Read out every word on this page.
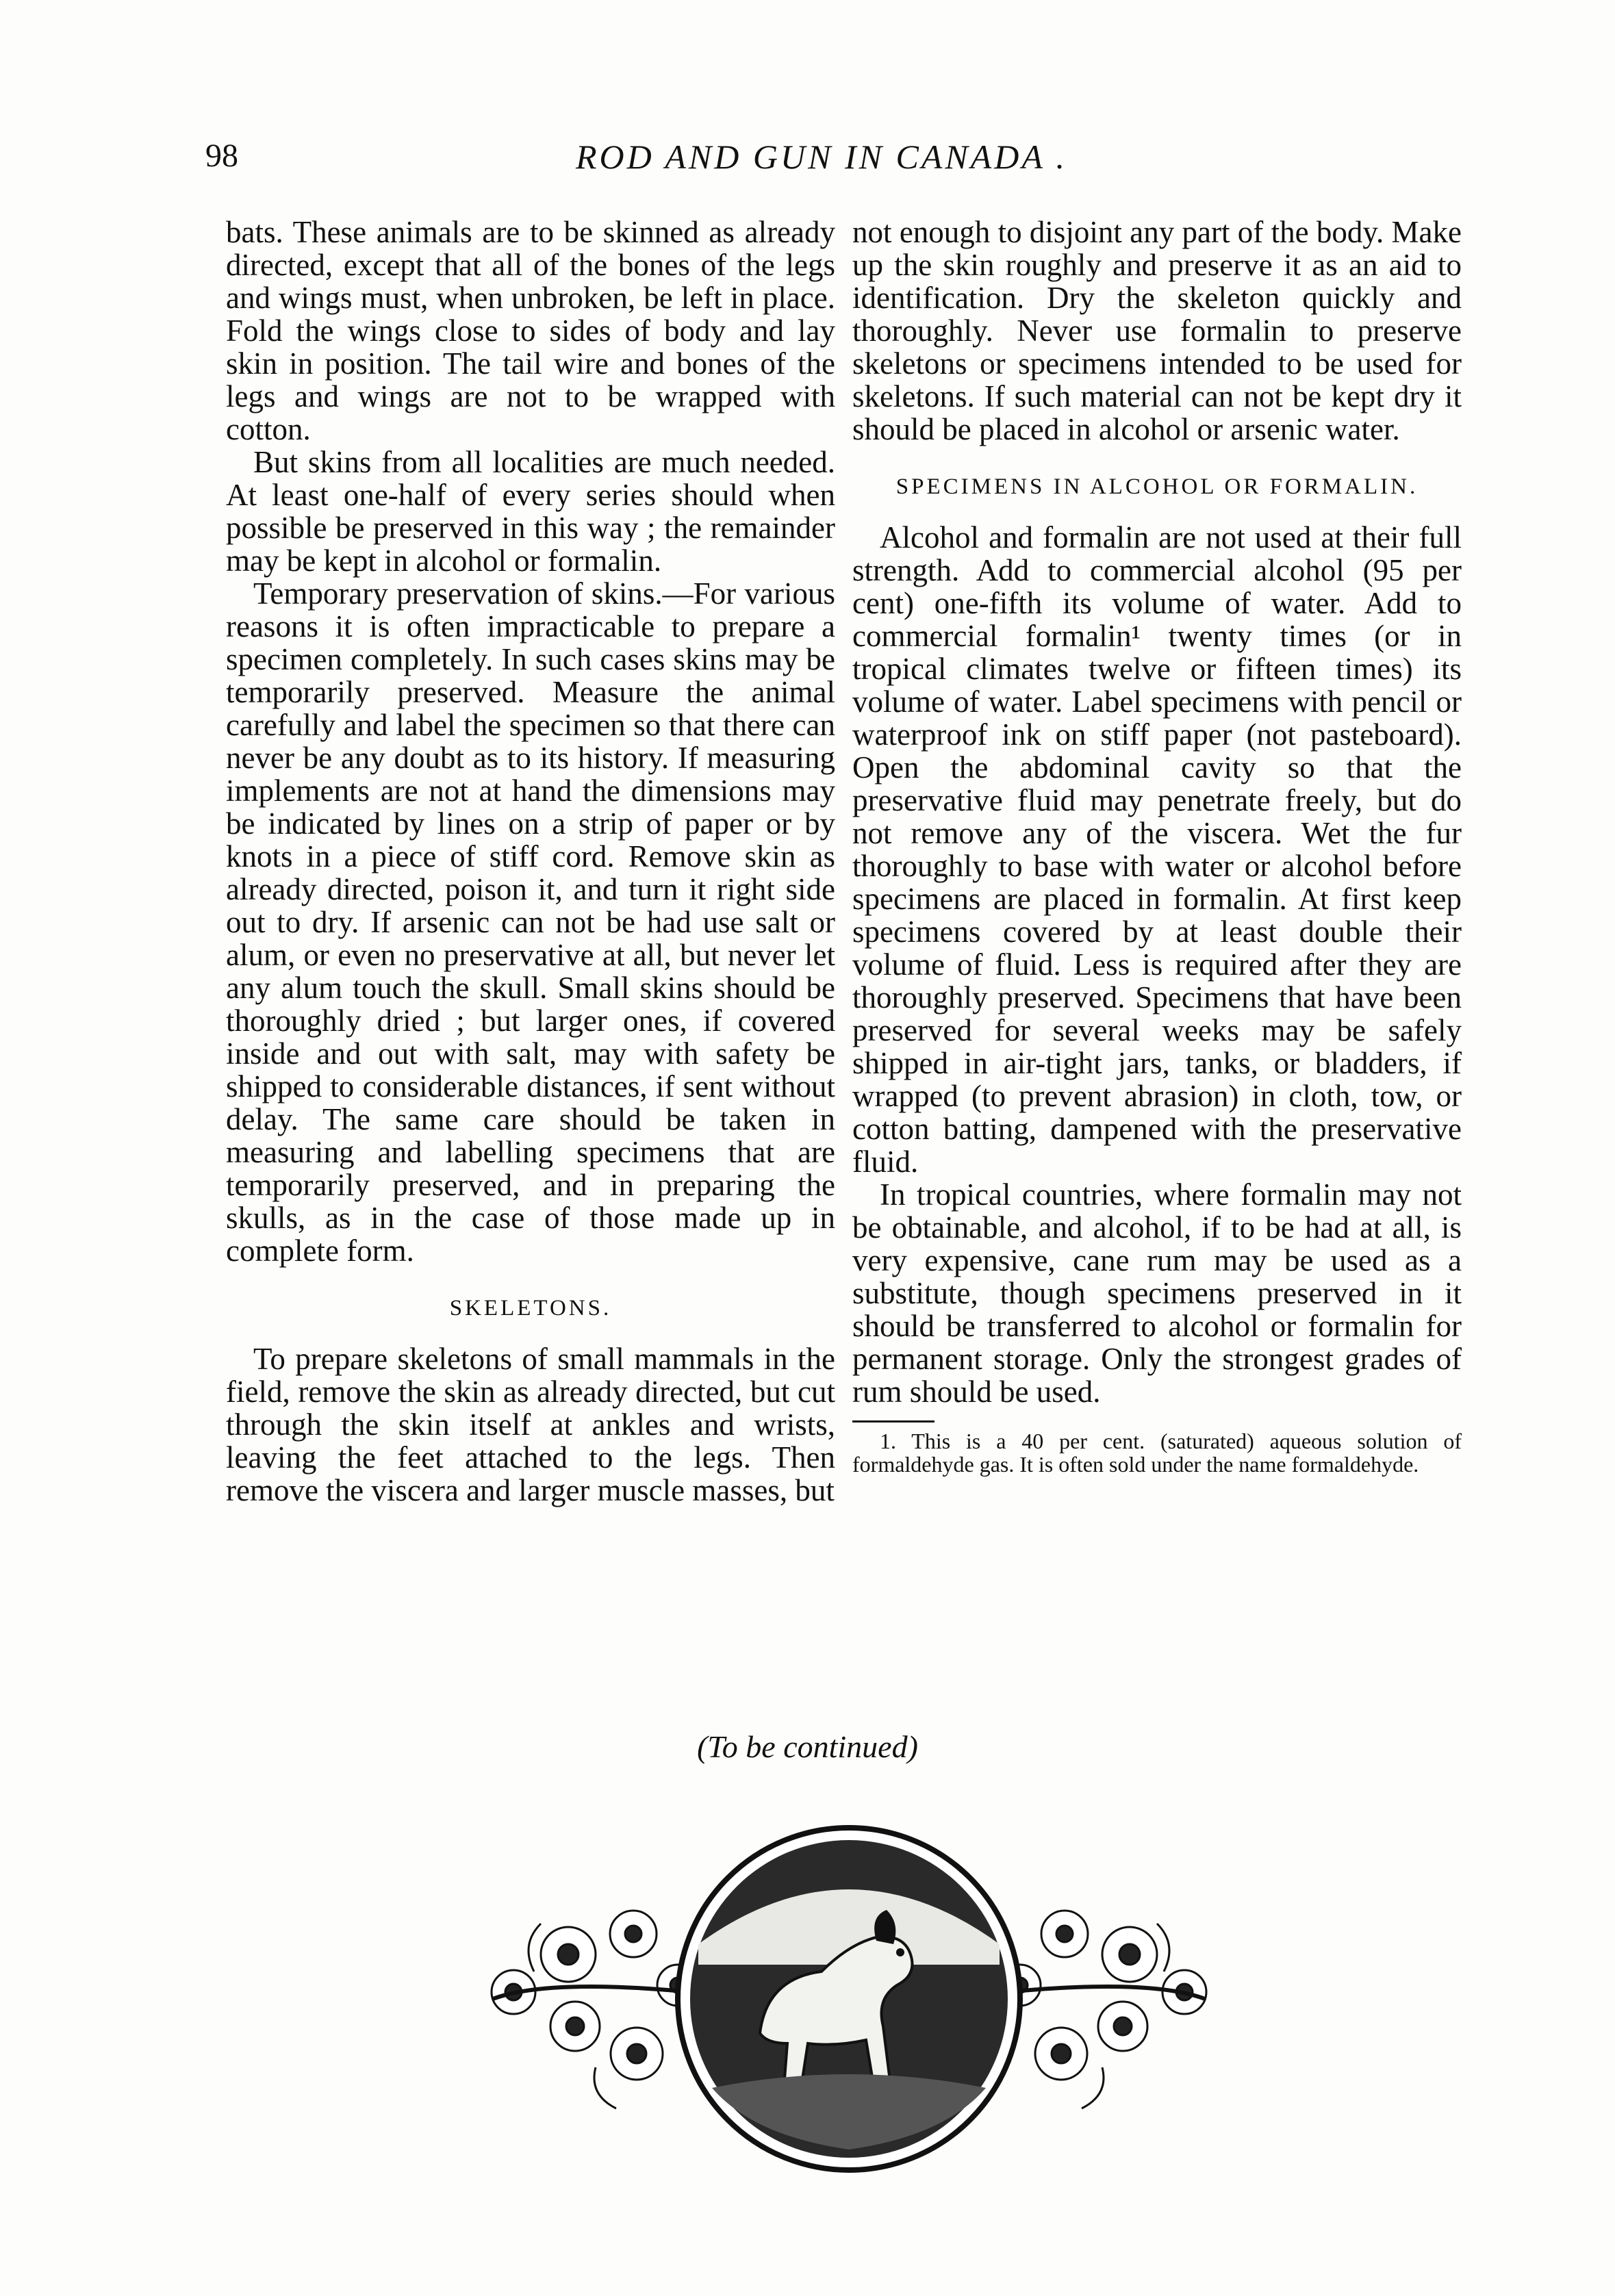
98	ROD AND GUN IN CANADA .

bats. These animals are to be skinned as already directed, except that all of the bones of the legs and wings must, when unbroken, be left in place. Fold the wings close to sides of body and lay skin in position. The tail wire and bones of the legs and wings are not to be wrapped with cotton.

But skins from all localities are much needed. At least one-half of every series should when possible be preserved in this way ; the remainder may be kept in alcohol or formalin.

Temporary preservation of skins.—For various reasons it is often impracticable to prepare a specimen completely. In such cases skins may be temporarily preserved. Measure the animal carefully and label the specimen so that there can never be any doubt as to its history. If measuring implements are not at hand the dimensions may be indicated by lines on a strip of paper or by knots in a piece of stiff cord. Remove skin as already directed, poison it, and turn it right side out to dry. If arsenic can not be had use salt or alum, or even no preservative at all, but never let any alum touch the skull. Small skins should be thoroughly dried ; but larger ones, if covered inside and out with salt, may with safety be shipped to considerable distances, if sent without delay. The same care should be taken in measuring and labelling specimens that are temporarily preserved, and in preparing the skulls, as in the case of those made up in complete form.

SKELETONS.

To prepare skeletons of small mammals in the field, remove the skin as already directed, but cut through the skin itself at ankles and wrists, leaving the feet attached to the legs. Then remove the viscera and larger muscle masses, but

not enough to disjoint any part of the body. Make up the skin roughly and preserve it as an aid to identification. Dry the skeleton quickly and thoroughly. Never use formalin to preserve skeletons or specimens intended to be used for skeletons. If such material can not be kept dry it should be placed in alcohol or arsenic water.

SPECIMENS IN ALCOHOL OR FORMALIN.

Alcohol and formalin are not used at their full strength. Add to commercial alcohol (95 per cent) one-fifth its volume of water. Add to commercial formalin¹ twenty times (or in tropical climates twelve or fifteen times) its volume of water. Label specimens with pencil or waterproof ink on stiff paper (not pasteboard). Open the abdominal cavity so that the preservative fluid may penetrate freely, but do not remove any of the viscera. Wet the fur thoroughly to base with water or alcohol before specimens are placed in formalin. At first keep specimens covered by at least double their volume of fluid. Less is required after they are thoroughly preserved. Specimens that have been preserved for several weeks may be safely shipped in air-tight jars, tanks, or bladders, if wrapped (to prevent abrasion) in cloth, tow, or cotton batting, dampened with the preservative fluid.

In tropical countries, where formalin may not be obtainable, and alcohol, if to be had at all, is very expensive, cane rum may be used as a substitute, though specimens preserved in it should be transferred to alcohol or formalin for permanent storage. Only the strongest grades of rum should be used.

1. This is a 40 per cent. (saturated) aqueous solution of formaldehyde gas. It is often sold under the name formaldehyde.

(To be continued)
